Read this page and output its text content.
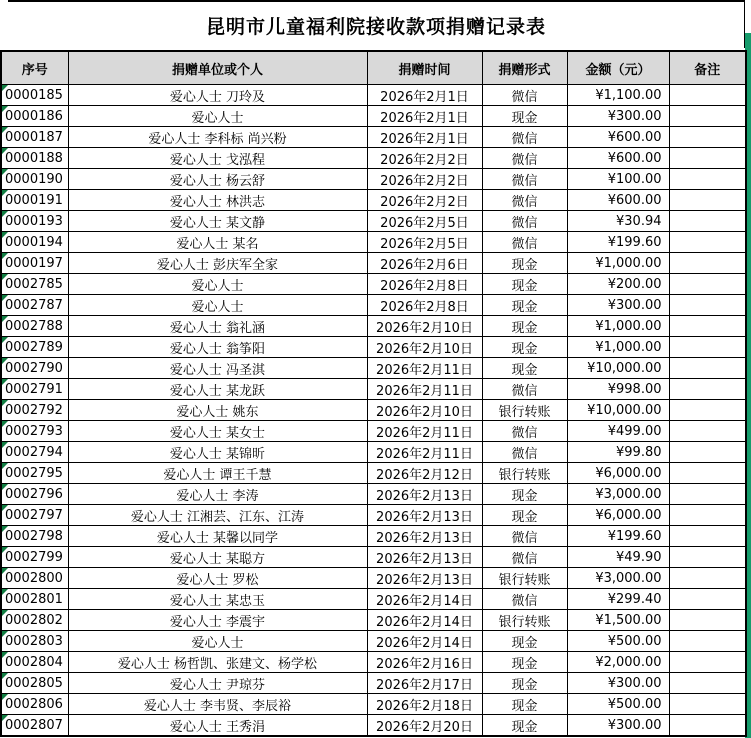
昆明市儿童福利院接收款项捐赠记录表
序号	捐赠单位或个人	捐赠时间	捐赠形式	金额（元）	备注

0000185	爱心人士 刀玲及	2026年2月1日	微信	¥1,100.00	

0000186	爱心人士	2026年2月1日	现金	¥300.00	

0000187	爱心人士 李科标 尚兴粉	2026年2月1日	微信	¥600.00	

0000188	爱心人士 戈泓程	2026年2月2日	微信	¥600.00	

0000190	爱心人士 杨云舒	2026年2月2日	微信	¥100.00	

0000191	爱心人士 林洪志	2026年2月2日	微信	¥600.00	

0000193	爱心人士 某文静	2026年2月5日	微信	¥30.94	

0000194	爱心人士 某名	2026年2月5日	微信	¥199.60	

0000197	爱心人士 彭庆军全家	2026年2月6日	现金	¥1,000.00	

0002785	爱心人士	2026年2月8日	现金	¥200.00	

0002787	爱心人士	2026年2月8日	现金	¥300.00	

0002788	爱心人士 翁礼涵	2026年2月10日	现金	¥1,000.00	

0002789	爱心人士 翁筝阳	2026年2月10日	现金	¥1,000.00	

0002790	爱心人士 冯圣淇	2026年2月11日	现金	¥10,000.00	

0002791	爱心人士 某龙跃	2026年2月11日	微信	¥998.00	

0002792	爱心人士 姚东	2026年2月10日	银行转账	¥10,000.00	

0002793	爱心人士 某女士	2026年2月11日	微信	¥499.00	

0002794	爱心人士 某锦昕	2026年2月11日	微信	¥99.80	

0002795	爱心人士 谭王千慧	2026年2月12日	银行转账	¥6,000.00	

0002796	爱心人士 李涛	2026年2月13日	现金	¥3,000.00	

0002797	爱心人士 江湘芸、江东、江涛	2026年2月13日	现金	¥6,000.00	

0002798	爱心人士 某馨以同学	2026年2月13日	微信	¥199.60	

0002799	爱心人士 某聪方	2026年2月13日	微信	¥49.90	

0002800	爱心人士 罗松	2026年2月13日	银行转账	¥3,000.00	

0002801	爱心人士 某忠玉	2026年2月14日	微信	¥299.40	

0002802	爱心人士 李震宇	2026年2月14日	银行转账	¥1,500.00	

0002803	爱心人士	2026年2月14日	现金	¥500.00	

0002804	爱心人士 杨哲凯、张建文、杨学松	2026年2月16日	现金	¥2,000.00	

0002805	爱心人士 尹琼芬	2026年2月17日	现金	¥300.00	

0002806	爱心人士 李韦贤、李辰裕	2026年2月18日	现金	¥500.00	

0002807	爱心人士 王秀涓	2026年2月20日	现金	¥300.00	
